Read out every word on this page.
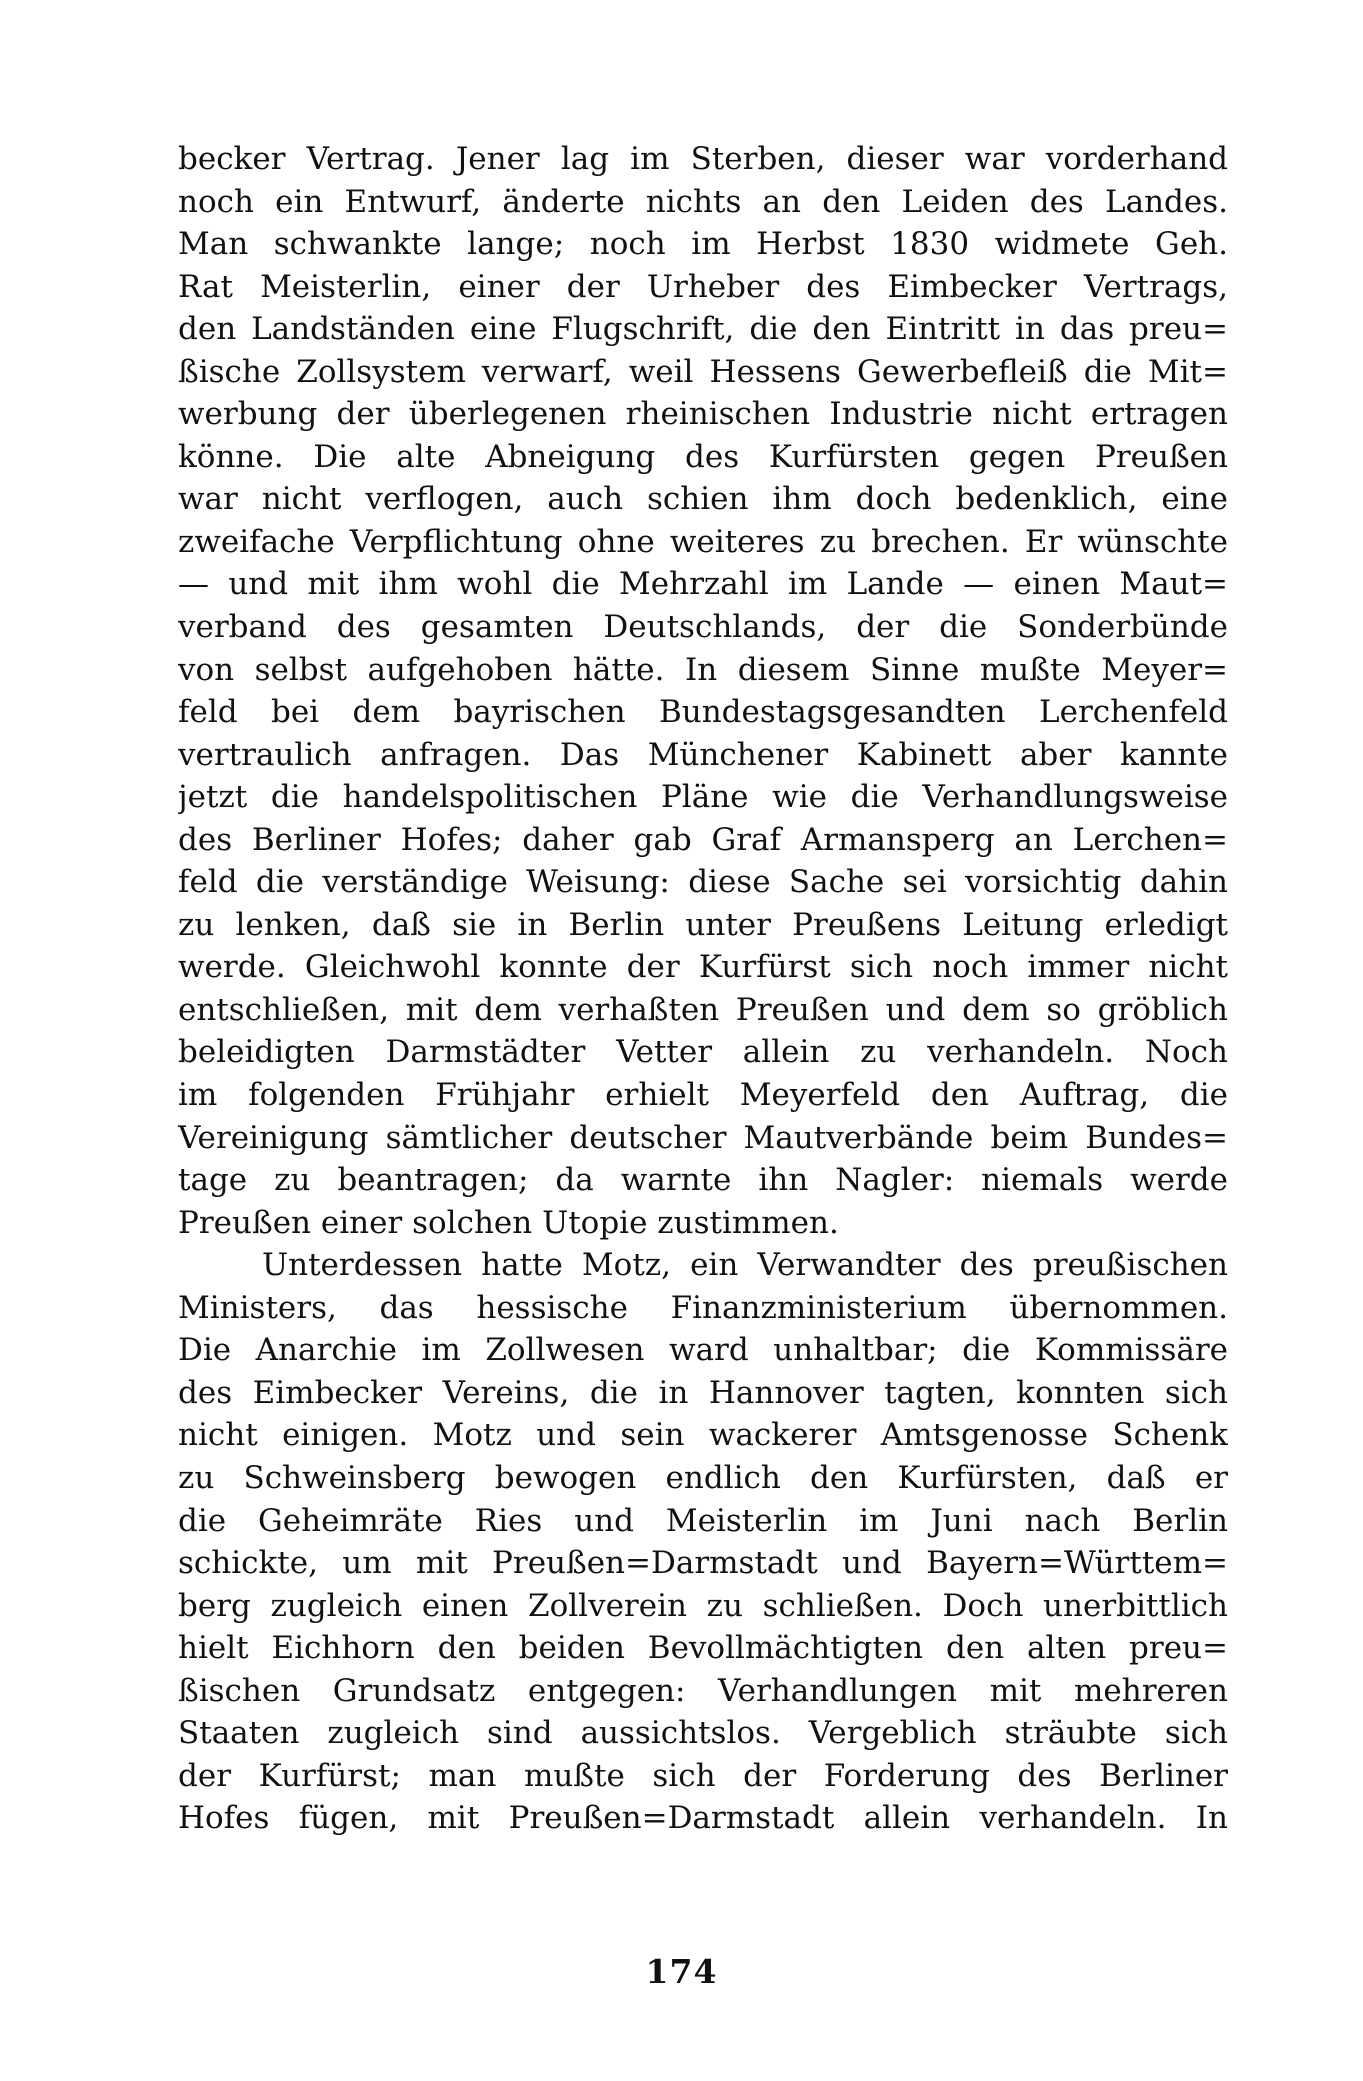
becker Vertrag. Jener lag im Sterben, dieser war vorderhand
noch ein Entwurf, änderte nichts an den Leiden des Landes.
Man schwankte lange; noch im Herbst 1830 widmete Geh.
Rat Meisterlin, einer der Urheber des Eimbecker Vertrags,
den Landständen eine Flugschrift, die den Eintritt in das preu=
ßische Zollsystem verwarf, weil Hessens Gewerbefleiß die Mit=
werbung der überlegenen rheinischen Industrie nicht ertragen
könne. Die alte Abneigung des Kurfürsten gegen Preußen
war nicht verflogen, auch schien ihm doch bedenklich, eine
zweifache Verpflichtung ohne weiteres zu brechen. Er wünschte
— und mit ihm wohl die Mehrzahl im Lande — einen Maut=
verband des gesamten Deutschlands, der die Sonderbünde
von selbst aufgehoben hätte. In diesem Sinne mußte Meyer=
feld bei dem bayrischen Bundestagsgesandten Lerchenfeld
vertraulich anfragen. Das Münchener Kabinett aber kannte
jetzt die handelspolitischen Pläne wie die Verhandlungsweise
des Berliner Hofes; daher gab Graf Armansperg an Lerchen=
feld die verständige Weisung: diese Sache sei vorsichtig dahin
zu lenken, daß sie in Berlin unter Preußens Leitung erledigt
werde. Gleichwohl konnte der Kurfürst sich noch immer nicht
entschließen, mit dem verhaßten Preußen und dem so gröblich
beleidigten Darmstädter Vetter allein zu verhandeln. Noch
im folgenden Frühjahr erhielt Meyerfeld den Auftrag, die
Vereinigung sämtlicher deutscher Mautverbände beim Bundes=
tage zu beantragen; da warnte ihn Nagler: niemals werde
Preußen einer solchen Utopie zustimmen.
Unterdessen hatte Motz, ein Verwandter des preußischen
Ministers, das hessische Finanzministerium übernommen.
Die Anarchie im Zollwesen ward unhaltbar; die Kommissäre
des Eimbecker Vereins, die in Hannover tagten, konnten sich
nicht einigen. Motz und sein wackerer Amtsgenosse Schenk
zu Schweinsberg bewogen endlich den Kurfürsten, daß er
die Geheimräte Ries und Meisterlin im Juni nach Berlin
schickte, um mit Preußen=Darmstadt und Bayern=Württem=
berg zugleich einen Zollverein zu schließen. Doch unerbittlich
hielt Eichhorn den beiden Bevollmächtigten den alten preu=
ßischen Grundsatz entgegen: Verhandlungen mit mehreren
Staaten zugleich sind aussichtslos. Vergeblich sträubte sich
der Kurfürst; man mußte sich der Forderung des Berliner
Hofes fügen, mit Preußen=Darmstadt allein verhandeln. In
174
